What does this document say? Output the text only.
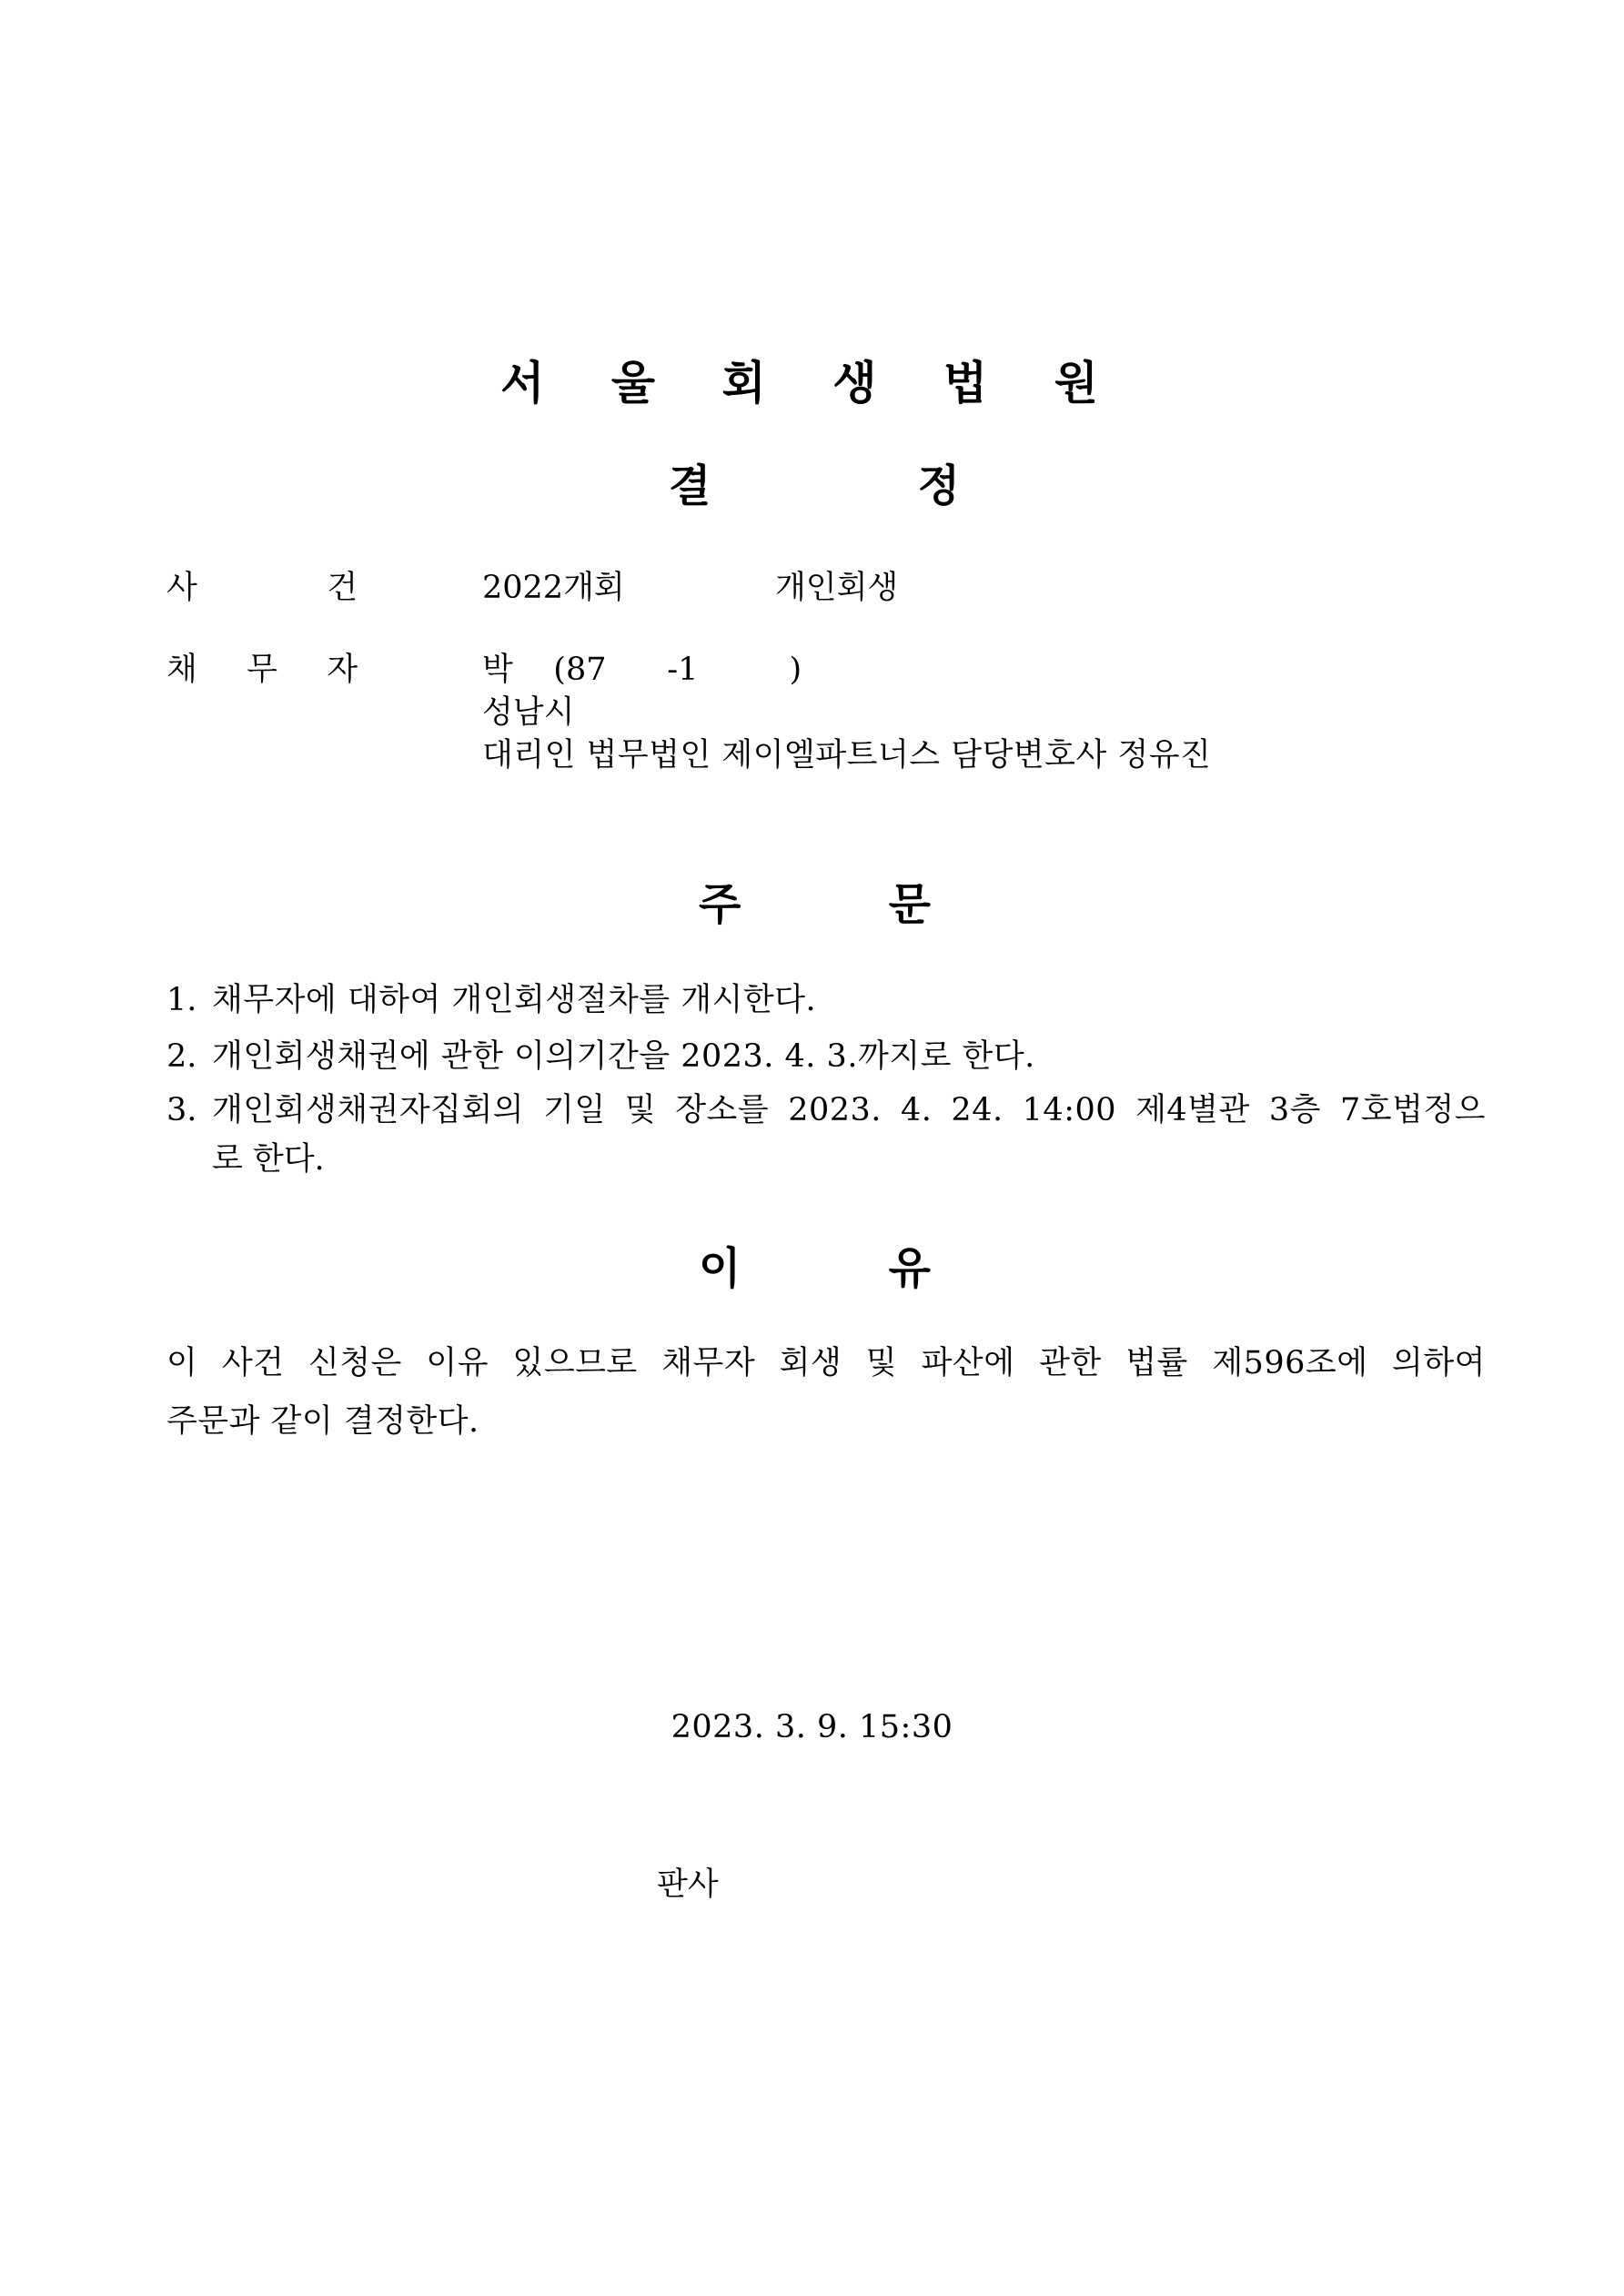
서 울 회 생 법 원
결	정
사	건	2022개회	개인회생
채 무 자	박    (87      -1         )
성남시
대리인 법무법인 제이엘파트너스 담당변호사 정유진
주	문
1. 채무자에 대하여 개인회생절차를 개시한다.
2. 개인회생채권에 관한 이의기간을 2023. 4. 3.까지로 한다.
3. 개인회생채권자집회의 기일 및 장소를 2023. 4. 24. 14:00 제4별관 3층 7호법정으
로 한다.
이	유
이 사건 신청은 이유 있으므로 채무자 회생 및 파산에 관한 법률 제596조에 의하여
주문과 같이 결정한다.
2023. 3. 9. 15:30
판사
